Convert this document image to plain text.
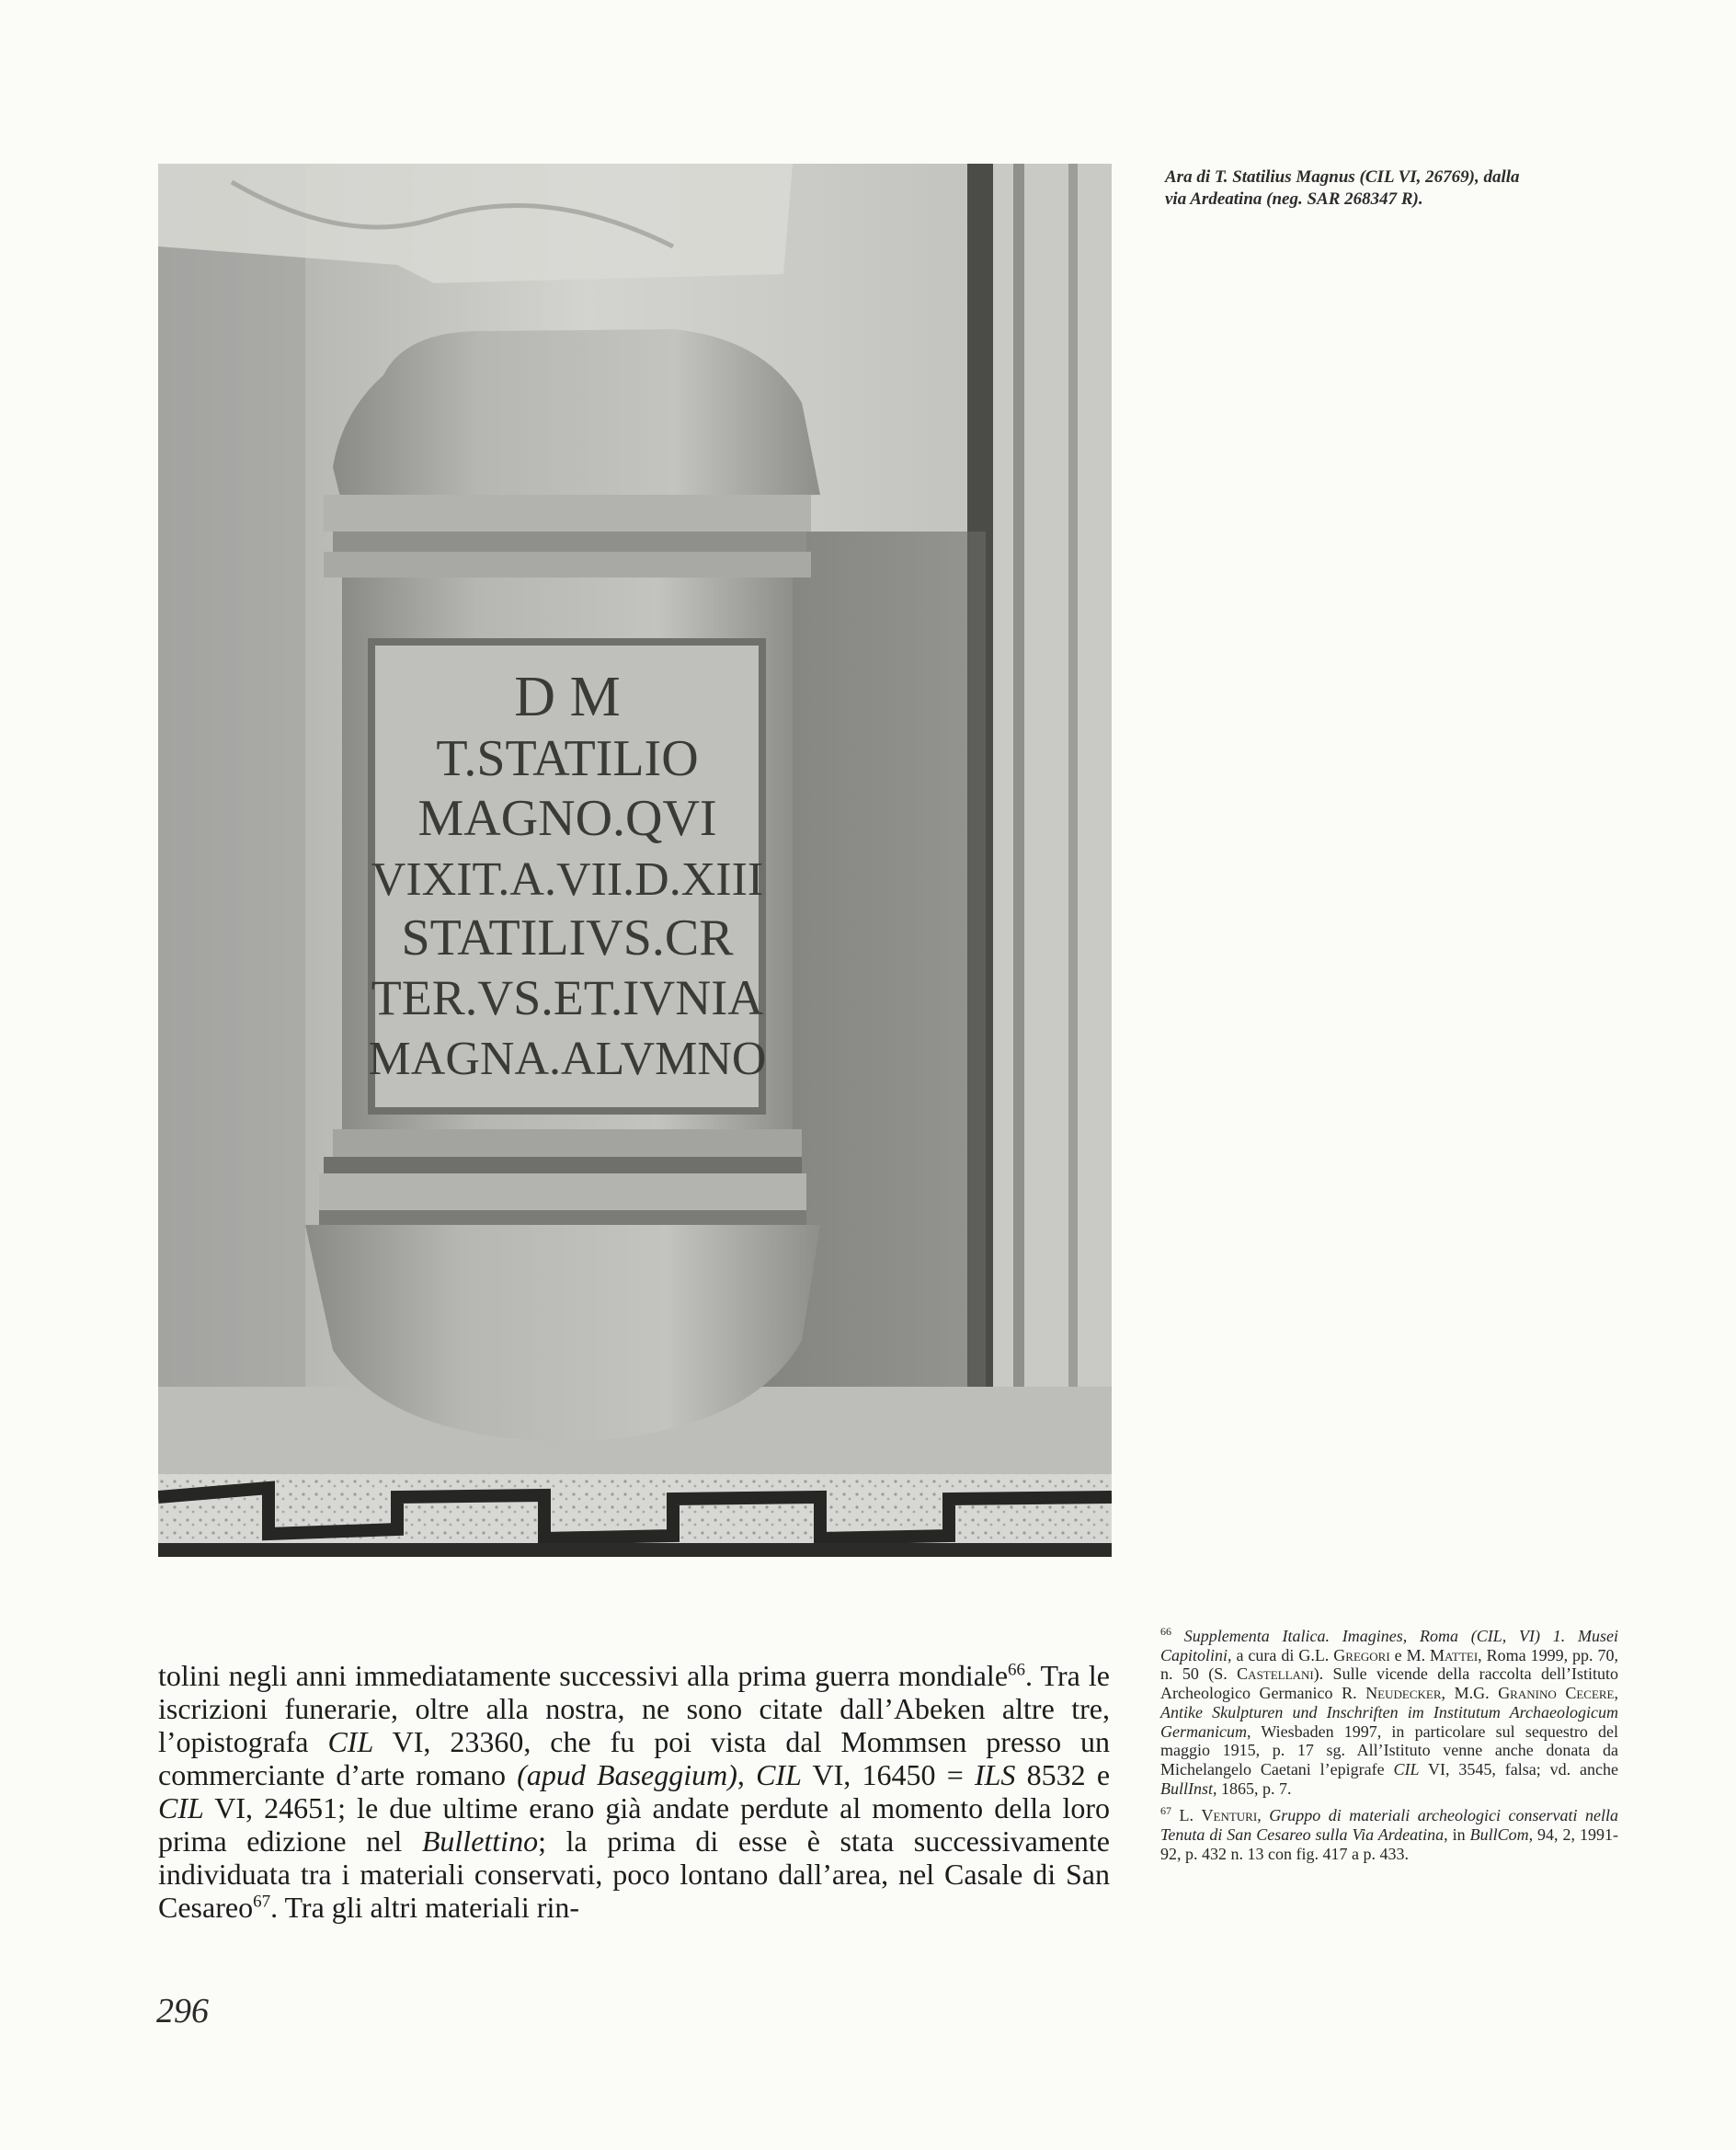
D M
T.STATILIO
MAGNO.QVI
VIXIT.A.VII.D.XIII
STATILIVS.CR
TER.VS.ET.IVNIA
MAGNA.ALVMNO
Ara di T. Statilius Magnus (CIL VI, 26769), dalla
via Ardeatina (neg. SAR 268347 R).
tolini negli anni immediatamente successivi alla prima guerra mondiale$^{66}$. Tra le iscrizioni funerarie, oltre alla nostra, ne sono citate dall’Abeken altre tre, l’opistografa CIL VI, 23360, che fu poi vista dal Mommsen presso un commerciante d’arte romano (apud Baseggium), CIL VI, 16450 = ILS 8532 e CIL VI, 24651; le due ultime erano già andate perdute al momento della loro prima edizione nel Bullettino; la prima di esse è stata successivamente individuata tra i materiali conservati, poco lontano dall’area, nel Casale di San Cesareo$^{67}$. Tra gli altri materiali rin-

$^{66}$ Supplementa Italica. Imagines, Roma (CIL, VI) 1. Musei Capitolini, a cura di G.L. Gregori e M. Mattei, Roma 1999, pp. 70, n. 50 (S. Castellani). Sulle vicende della raccolta dell’Istituto Archeologico Germanico R. Neudecker, M.G. Granino Cecere, Antike Skulpturen und Inschriften im Institutum Archaeologicum Germanicum, Wiesbaden 1997, in particolare sul sequestro del maggio 1915, p. 17 sg. All’Istituto venne anche donata da Michelangelo Caetani l’epigrafe CIL VI, 3545, falsa; vd. anche BullInst, 1865, p. 7.

$^{67}$ L. Venturi, Gruppo di materiali archeologici conservati nella Tenuta di San Cesareo sulla Via Ardeatina, in BullCom, 94, 2, 1991-92, p. 432 n. 13 con fig. 417 a p. 433.

296
